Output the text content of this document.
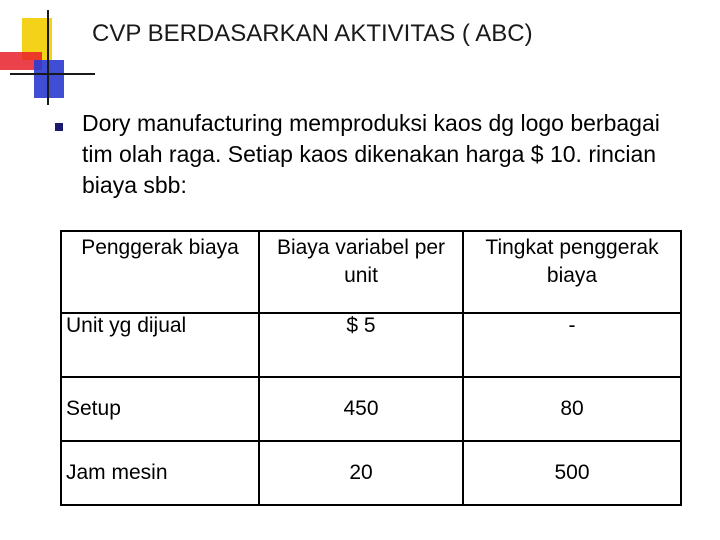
CVP BERDASARKAN AKTIVITAS ( ABC)
Dory manufacturing memproduksi kaos dg logo berbagai tim olah raga. Setiap kaos dikenakan harga $ 10. rincian biaya sbb:
Penggerak biaya	Biaya variabel per unit	Tingkat penggerak biaya
Unit yg dijual	$ 5	-
Setup	450	80
Jam mesin	20	500
